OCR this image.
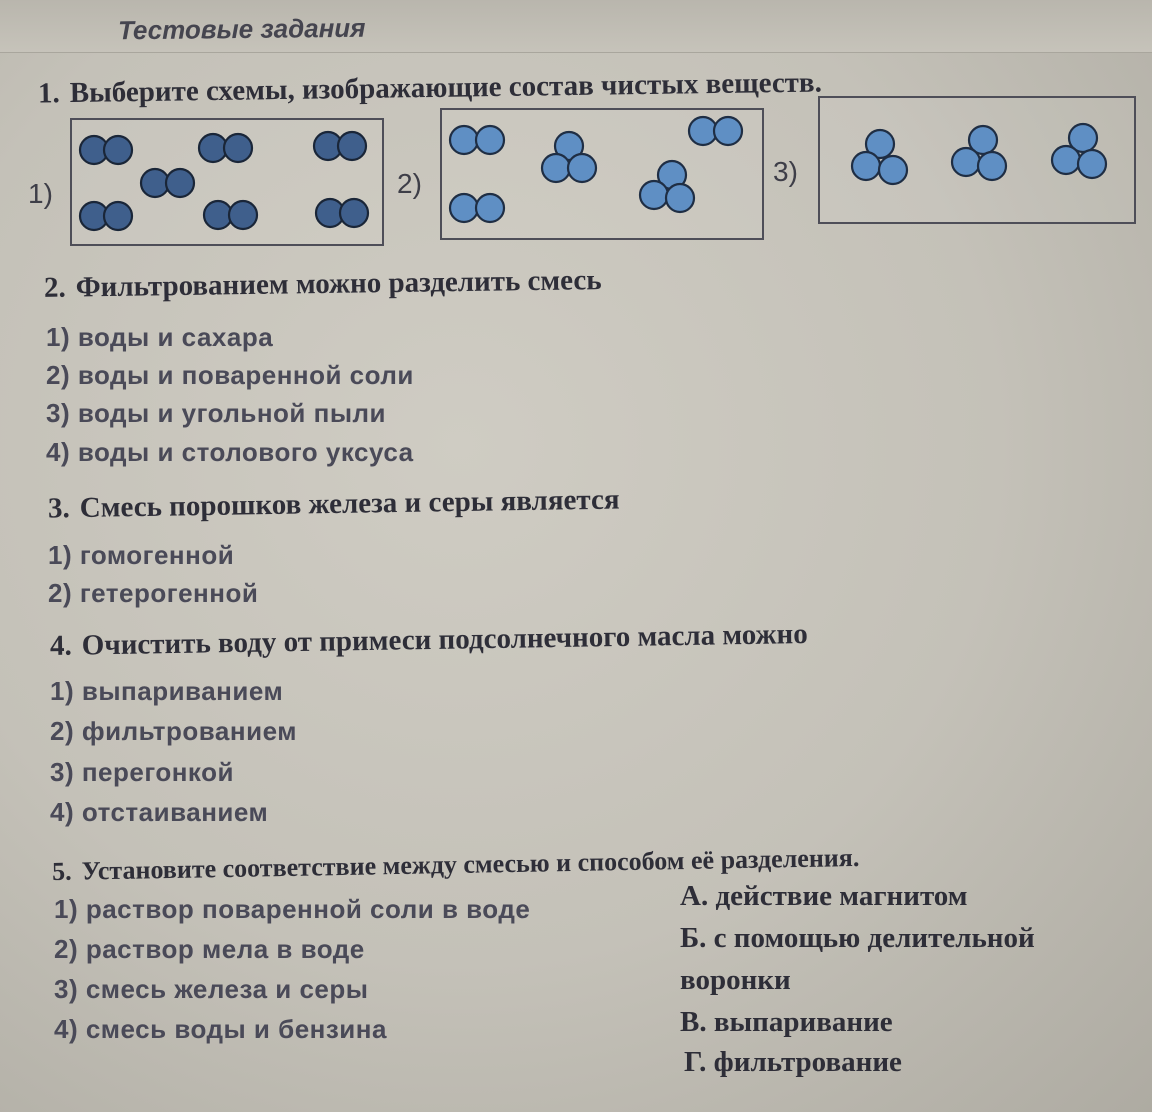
Тестовые задания
1. Выберите схемы, изображающие состав чистых веществ.
1)	2)	3)
2. Фильтрованием можно разделить смесь
1) воды и сахара
2) воды и поваренной соли
3) воды и угольной пыли
4) воды и столового уксуса
3. Смесь порошков железа и серы является
1) гомогенной
2) гетерогенной
4. Очистить воду от примеси подсолнечного масла можно
1) выпариванием
2) фильтрованием
3) перегонкой
4) отстаиванием
5. Установите соответствие между смесью и способом её разделения.
1) раствор поваренной соли в воде
2) раствор мела в воде
3) смесь железа и серы
4) смесь воды и бензина
А. действие магнитом
Б. с помощью делительной
воронки
В. выпаривание
Г. фильтрование
